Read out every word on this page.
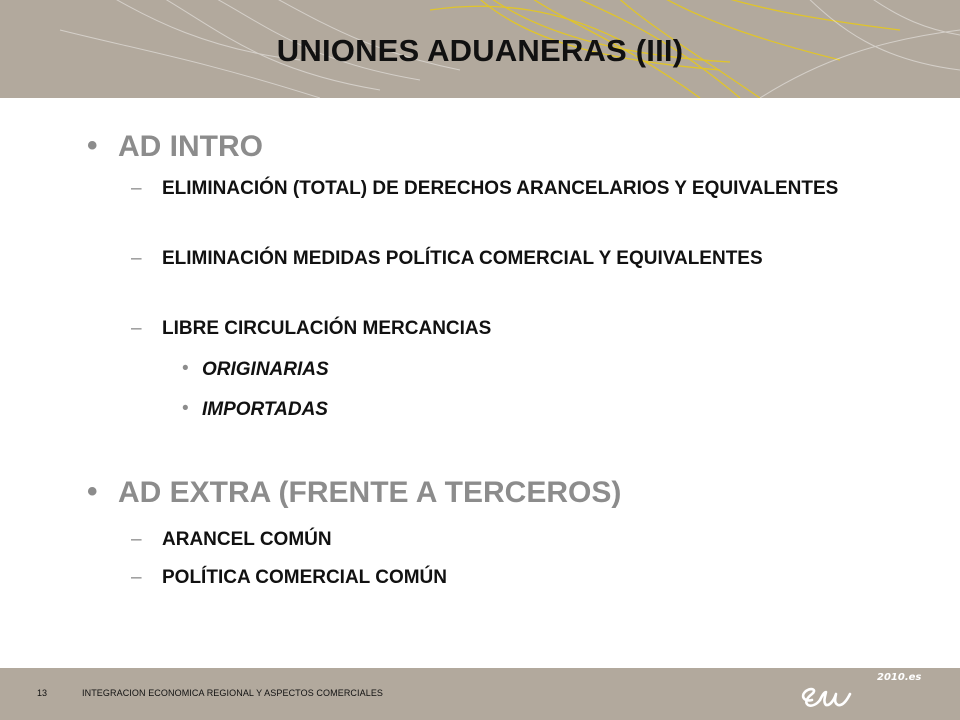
UNIONES ADUANERAS (III)
• AD INTRO
– ELIMINACIÓN (TOTAL) DE DERECHOS ARANCELARIOS Y EQUIVALENTES
– ELIMINACIÓN MEDIDAS POLÍTICA COMERCIAL Y EQUIVALENTES
– LIBRE CIRCULACIÓN MERCANCIAS
• ORIGINARIAS
• IMPORTADAS
• AD EXTRA (FRENTE A TERCEROS)
– ARANCEL COMÚN
– POLÍTICA COMERCIAL COMÚN
13	INTEGRACION ECONOMICA REGIONAL Y ASPECTOS COMERCIALES
2010.es
